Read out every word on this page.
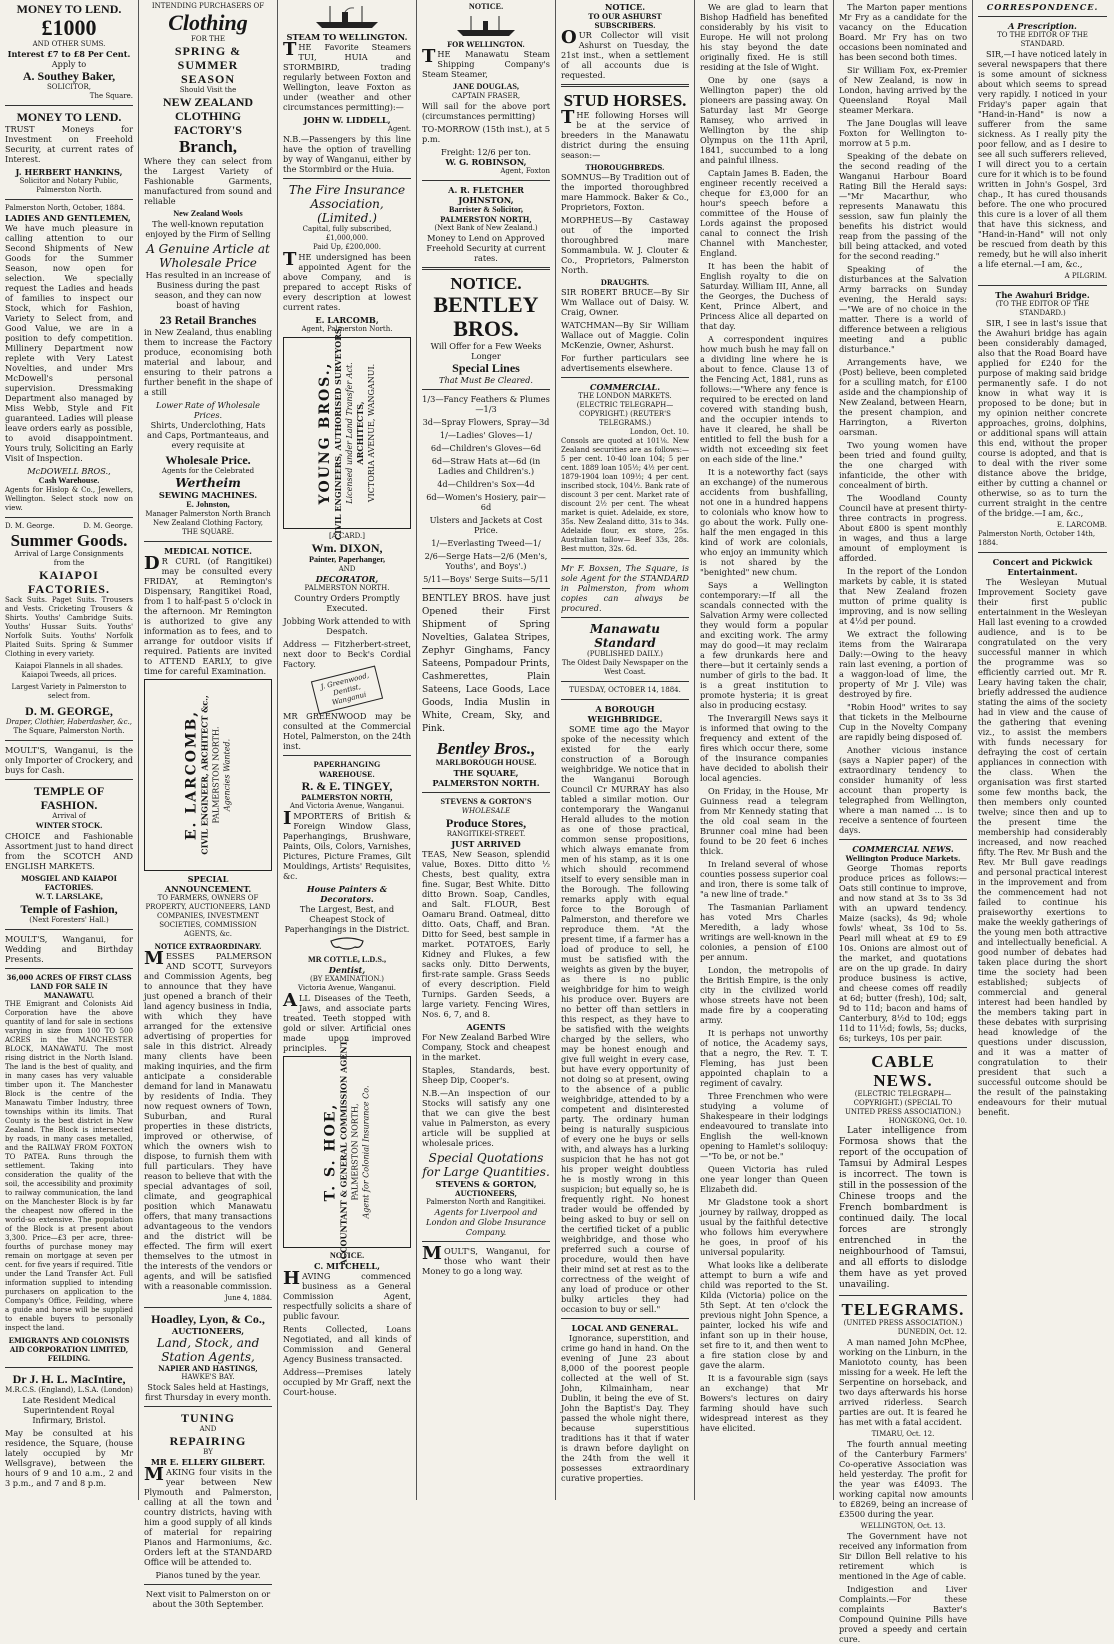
MONEY TO LEND.
£1000
AND OTHER SUMS.
Interest £7 to £8 Per Cent.
Apply to
A. Southey Baker,
SOLICITOR,
The Square.
MONEY TO LEND.

TRUST Moneys for Investment on Freehold Security, at current rates of Interest.

J. HERBERT HANKINS,
Solicitor and Notary Public, Palmerston North.
Palmerston North, October, 1884.
LADIES AND GENTLEMEN,

We have much pleasure in calling attention to our Second Shipments of New Goods for the Summer Season, now open for selection. We specially request the Ladies and heads of families to inspect our Stock, which for Fashion, Variety to Select from, and Good Value, we are in a position to defy competition. Millinery Department now replete with Very Latest Novelties, and under Mrs McDowell's personal supervision. Dressmaking Department also managed by Miss Webb, Style and Fit guaranteed. Ladies will please leave orders early as possible, to avoid disappointment. Yours truly, Soliciting an Early Visit of Inspection.

McDOWELL BROS.,
Cash Warehouse.

Agents for Hislop & Co., Jewellers, Wellington. Select stock now on view.

D. M. George.	D. M. George.
Summer Goods.
Arrival of Large Consignments from the
KAIAPOI FACTORIES.

Sack Suits. Paget Suits. Trousers and Vests. Cricketing Trousers & Shirts. Youths' Cambridge Suits. Youths' Hussar Suits. Youths' Norfolk Suits. Youths' Norfolk Plaited Suits. Spring & Summer Clothing in every variety.

Kaiapoi Flannels in all shades. Kaiapoi Tweeds, all prices.

Largest Variety in Palmerston to select from.

D. M. GEORGE,
Draper, Clothier, Haberdasher, &c.,
The Square, Palmerston North.

MOULT'S, Wanganui, is the only Importer of Crockery, and buys for Cash.

TEMPLE OF FASHION.
Arrival of
WINTER STOCK.

CHOICE and Fashionable Assortment just to hand direct from the SCOTCH AND ENGLISH MARKETS.

MOSGIEL AND KAIAPOI FACTORIES.
W. T. LARSLAKE,
Temple of Fashion,
(Next Foresters' Hall.)

MOULT'S, Wanganui, for Wedding and Birthday Presents.

36,000 ACRES OF FIRST CLASS LAND FOR SALE IN MANAWATU.

THE Emigrant and Colonists Aid Corporation have the above quantity of land for sale in sections varying in size from 100 TO 500 ACRES in the MANCHESTER BLOCK, MANAWATU. The most rising district in the North Island. The land is the best of quality, and in many cases has very valuable timber upon it. The Manchester Block is the centre of the Manawatu Timber Industry, three townships within its limits. That County is the best district in New Zealand. The Block is intersected by roads, in many cases metalled, and the RAILWAY FROM FOXTON TO PATEA. Runs through the settlement. Taking into consideration the quality of the soil, the accessibility and proximity to railway communication, the land on the Manchester Block is by far the cheapest now offered in the world-so extensive. The population of the Block is at present about 3,300. Price—£3 per acre, three-fourths of purchase money may remain on mortgage at seven per cent. for five years if required. Title under the Land Transfer Act. Full information supplied to intending purchasers on application to the Company's Office, Feilding, where a guide and horse will be supplied to enable buyers to personally inspect the land.

EMIGRANTS AND COLONISTS AID CORPORATION LIMITED, FEILDING.
Dr J. H. L. MacIntire,
M.R.C.S. (England), L.S.A. (London)

Late Resident Medical Superintendent Royal Infirmary, Bristol.

May be consulted at his residence, the Square, (house lately occupied by Mr Wellsgrave), between the hours of 9 and 10 a.m., 2 and 3 p.m., and 7 and 8 p.m.

INTENDING PURCHASERS OF
Clothing
FOR THE
SPRING & SUMMER
SEASON
Should Visit the
NEW ZEALAND
CLOTHING FACTORY'S
Branch,

Where they can select from the Largest Variety of Fashionable Garments, manufactured from sound and reliable

New Zealand Wools

The well-known reputation enjoyed by the Firm of Selling

A Genuine Article at Wholesale Price

Has resulted in an increase of Business during the past season, and they can now boast of having

23 Retail Branches

in New Zealand, thus enabling them to increase the Factory produce, economising both material and labour, and ensuring to their patrons a further benefit in the shape of a still

Lower Rate of Wholesale Prices.

Shirts, Underclothing, Hats and Caps, Portmanteaus, and every requisite at

Wholesale Price.
Agents for the Celebrated
Wertheim
SEWING MACHINES.
E. Johnston,

Manager Palmerston North Branch New Zealand Clothing Factory, THE SQUARE.

MEDICAL NOTICE.

DR CURL (of Rangitikei) may be consulted every FRIDAY, at Remington's Dispensary, Rangitikei Road, from 1 to half-past 5 o'clock in the afternoon. Mr Remington is authorized to give any information as to fees, and to arrange for outdoor visits if required. Patients are invited to ATTEND EARLY, to give time for careful Examination.

E. LARCOMB, CIVIL ENGINEER, ARCHITECT &c., PALMERSTON NORTH. Agencies Wanted.
SPECIAL ANNOUNCEMENT.

TO FARMERS, OWNERS OF PROPERTY, AUCTIONEERS, LAND COMPANIES, INVESTMENT SOCIETIES, COMMISSION AGENTS, &c.

NOTICE EXTRAORDINARY.

MESSES PALMERSON AND SCOTT, Surveyors and Commission Agents, beg to announce that they have just opened a branch of their land agency business in India, with which they have arranged for the extensive advertising of properties for sale in this district. Already many clients have been making inquiries, and the firm anticipate a considerable demand for land in Manawatu by residents of India. They now request owners of Town, Suburban, and Rural properties in these districts, improved or otherwise, of which the owners wish to dispose, to furnish them with full particulars. They have reason to believe that with the special advantages of soil, climate, and geographical position which Manawatu offers, that many transactions advantageous to the vendors and the district will be effected. The firm will exert themselves to the utmost in the interests of the vendors or agents, and will be satisfied with a reasonable commission.

June 4, 1884.
Hoadley, Lyon, & Co.,
AUCTIONEERS,
Land, Stock, and Station Agents,
NAPIER AND HASTINGS,
HAWKE'S BAY.

Stock Sales held at Hastings, first Thursday in every month.

TUNING
AND
REPAIRING
BY
MR E. ELLERY GILBERT.

MAKING four visits in the year between New Plymouth and Palmerston, calling at all the town and country districts, having with him a good supply of all kinds of material for repairing Pianos and Harmoniums, &c. Orders left at the STANDARD Office will be attended to.

Pianos tuned by the year.

Next visit to Palmerston on or about the 30th September.

STEAM TO WELLINGTON.

THE Favorite Steamers TUI, HUIA and STORMBIRD, trading regularly between Foxton and Wellington, leave Foxton as under (weather and other circumstances permitting):—

JOHN W. LIDDELL,
Agent.

N.B.—Passengers by this line have the option of travelling by way of Wanganui, either by the Stormbird or the Huia.

The Fire Insurance Association, (Limited.)
Capital, fully subscribed, £1,000,000.
Paid Up, £200,000.

THE undersigned has been appointed Agent for the above Company, and is prepared to accept Risks of every description at lowest current rates.

E. LARCOMB,
Agent, Palmerston North.
YOUNG BROS., CIVIL ENGINEERS, AUTHORISED SURVEYORS, Licensed under Land Transfer Act. ARCHITECTS, VICTORIA AVENUE, WANGANUI.
[A CARD.]
Wm. DIXON,
Painter, Paperhanger,
AND
DECORATOR,
PALMERSTON NORTH.

Country Orders Promptly Executed.

Jobbing Work attended to with Despatch.

Address — Fitzherbert-street, next door to Beck's Cordial Factory.

J. Greenwood, Dentist, Wanganui

MR GREENWOOD may be consulted at the Commercial Hotel, Palmerston, on the 24th inst.

PAPERHANGING
WAREHOUSE.
R. & E. TINGEY,
PALMERSTON NORTH,
And Victoria Avenue, Wanganui.

IMPORTERS of British & Foreign Window Glass, Paperhangings, Brushware, Paints, Oils, Colors, Varnishes, Pictures, Picture Frames, Gilt Mouldings, Artists' Requisites, &c.

House Painters & Decorators.

The Largest, Best, and Cheapest Stock of Paperhangings in the District.

MR COTTLE, L.D.S.,
Dentist,
(BY EXAMINATION.)
Victoria Avenue, Wanganui.

ALL Diseases of the Teeth, Jaws, and associate parts treated. Teeth stopped with gold or silver. Artificial ones made upon improved principles.

T. S. HOE, ACCOUNTANT & GENERAL COMMISSION AGENT, PALMERSTON NORTH, Agent for Colonial Insurance Co.
NOTICE.
C. MITCHELL,

HAVING commenced business as a General Commission Agent, respectfully solicits a share of public favour.

Rents Collected, Loans Negotiated, and all kinds of Commission and General Agency Business transacted.

Address—Premises lately occupied by Mr Graff, next the Court-house.

NOTICE.
FOR WELLINGTON.

THE Manawatu Steam Shipping Company's Steam Steamer,

JANE DOUGLAS,
CAPTAIN FRASER,

Will sail for the above port (circumstances permitting)

TO-MORROW (15th inst.), at 5 p.m.

Freight: 12/6 per ton.
W. G. ROBINSON,
Agent, Foxton
A. R. FLETCHER JOHNSTON,
Barrister & Solicitor,
PALMERSTON NORTH,
(Next Bank of New Zealand.)

Money to Lend on Approved Freehold Security at current rates.

NOTICE.
BENTLEY BROS.
Will Offer for a Few Weeks Longer
Special Lines
That Must Be Cleared.

1/3—Fancy Feathers & Plumes—1/3

3d—Spray Flowers, Spray—3d

1/—Ladies' Gloves—1/

6d—Children's Gloves—6d

6d—Straw Hats at—6d (in Ladies and Children's.)

4d—Children's Sox—4d

6d—Women's Hosiery, pair—6d

Ulsters and Jackets at Cost Price.

1/—Everlasting Tweed—1/

2/6—Serge Hats—2/6 (Men's, Youths', and Boys'.)

5/11—Boys' Serge Suits—5/11

BENTLEY BROS. have just Opened their First Shipment of Spring Novelties, Galatea Stripes, Zephyr Ginghams, Fancy Sateens, Pompadour Prints, Cashmerettes, Plain Sateens, Lace Goods, Lace Goods, India Muslin in White, Cream, Sky, and Pink.

Bentley Bros.,
MARLBOROUGH HOUSE.
THE SQUARE,
PALMERSTON NORTH.
STEVENS & GORTON'S
WHOLESALE
Produce Stores,
RANGITIKEI-STREET.
JUST ARRIVED

TEAS, New Season, splendid value, Boxes. Ditto ditto ½ Chests, best quality, extra fine. Sugar, Best White. Ditto ditto Brown. Soap, Candles, and Salt. FLOUR, Best Oamaru Brand. Oatmeal, ditto ditto. Oats, Chaff, and Bran. Ditto for Seed, best sample in market. POTATOES, Early Kidney and Flukes, a few sacks only. Ditto Derwents, first-rate sample. Grass Seeds of every description. Field Turnips. Garden Seeds, a large variety. Fencing Wires, Nos. 6, 7, and 8.

AGENTS

For New Zealand Barbed Wire Company, Stock and cheapest in the market.

Staples, Standards, best. Sheep Dip, Cooper's.

N.B.—An inspection of our Stocks will satisfy any one that we can give the best value in Palmerston, as every article will be supplied at wholesale prices.

Special Quotations for Large Quantities.
STEVENS & GORTON,
AUCTIONEERS,
Palmerston North and Rangitikei.

Agents for Liverpool and London and Globe Insurance Company.

MOULT'S, Wanganui, for those who want their Money to go a long way.

NOTICE.
TO OUR ASHURST SUBSCRIBERS.

OUR Collector will visit Ashurst on Tuesday, the 21st inst., when a settlement of all accounts due is requested.

STUD HORSES.

THE following Horses will be at the service of breeders in the Manawatu district during the ensuing season:—

THOROUGHBREDS.

SOMNUS—By Tradition out of the imported thoroughbred mare Hammock. Baker & Co., Proprietors, Foxton.

MORPHEUS—By Castaway out of the imported thoroughbred mare Sommambula. W. J. Clouter & Co., Proprietors, Palmerston North.

DRAUGHTS.

SIR ROBERT BRUCE—By Sir Wm Wallace out of Daisy. W. Craig, Owner.

WATCHMAN—By Sir William Wallace out of Maggie. Colin McKenzie, Owner, Ashurst.

For further particulars see advertisements elsewhere.

COMMERCIAL.
THE LONDON MARKETS.
(ELECTRIC TELEGRAPH—COPYRIGHT.) (REUTER'S TELEGRAMS.)
London, Oct. 10.

Consols are quoted at 101⅛. New Zealand securities are as follows:— 5 per cent. 10-40 loan 104; 5 per cent. 1889 loan 105½; 4½ per cent. 1879-1904 loan 109½; 4 per cent. inscribed stock, 104½. Bank rate of discount 3 per cent. Market rate of discount 2½ per cent. The wheat market is quiet. Adelaide, ex store, 35s. New Zealand ditto, 31s to 34s. Adelaide flour, ex store, 25s. Australian tallow— Beef 33s, 28s. Best mutton, 32s. 6d.

Mr F. Boxsen, The Square, is sole Agent for the STANDARD in Palmerston, from whom copies can always be procured.

Manawatu Standard
(PUBLISHED DAILY.)
The Oldest Daily Newspaper on the West Coast.
TUESDAY, OCTOBER 14, 1884.
A BOROUGH WEIGHBRIDGE.

SOME time ago the Mayor spoke of the necessity which existed for the early construction of a Borough weighbridge. We notice that in the Wanganui Borough Council Cr MURRAY has also tabled a similar motion. Our contemporary the Wanganui Herald alludes to the motion as one of those practical, common sense propositions, which always emanate from men of his stamp, as it is one which should recommend itself to every sensible man in the Borough. The following remarks apply with equal force to the Borough of Palmerston, and therefore we reproduce them. "At the present time, if a farmer has a load of produce to sell, he must be satisfied with the weights as given by the buyer, as there is no public weighbridge for him to weigh his produce over. Buyers are no better off than settlers in this respect, as they have to be satisfied with the weights charged by the sellers, who may be honest enough and give full weight in every case, but have every opportunity of not doing so at present, owing to the absence of a public weighbridge, attended to by a competent and disinterested party. The ordinary human being is naturally suspicious of every one he buys or sells with, and always has a lurking suspicion that he has not got his proper weight doubtless he is mostly wrong in this suspicion; but equally so, he is frequently right. No honest trader would be offended by being asked to buy or sell on the certified ticket of a public weighbridge, and those who preferred such a course of procedure, would then have their mind set at rest as to the correctness of the weight of any load of produce or other bulky articles they had occasion to buy or sell."

LOCAL AND GENERAL.

Ignorance, superstition, and crime go hand in hand. On the evening of June 23 about 8,000 of the poorest people collected at the well of St. John, Kilmainham, near Dublin, it being the eve of St. John the Baptist's Day. They passed the whole night there, because superstitious traditions has it that if water is drawn before daylight on the 24th from the well it possesses extraordinary curative properties.

We are glad to learn that Bishop Hadfield has benefited considerably by his visit to Europe. He will not prolong his stay beyond the date originally fixed. He is still residing at the Isle of Wight.

One by one (says a Wellington paper) the old pioneers are passing away. On Saturday last Mr George Ramsey, who arrived in Wellington by the ship Olympus on the 11th April, 1841, succumbed to a long and painful illness.

Captain James B. Eaden, the engineer recently received a cheque for £3,000 for an hour's speech before a committee of the House of Lords against the proposed canal to connect the Irish Channel with Manchester, England.

It has been the habit of English royalty to die on Saturday. William III, Anne, all the Georges, the Duchess of Kent, Prince Albert, and Princess Alice all departed on that day.

A correspondent inquires how much bush he may fall on a dividing line where he is about to fence. Clause 13 of the Fencing Act, 1881, runs as follows:—"Where any fence is required to be erected on land covered with standing bush, and the occupier intends to have it cleared, he shall be entitled to fell the bush for a width not exceeding six feet on each side of the line."

It is a noteworthy fact (says an exchange) of the numerous accidents from bushfalling, not one in a hundred happens to colonials who know how to go about the work. Fully one-half the men engaged in this kind of work are colonials, who enjoy an immunity which is not shared by the "benighted" new chum.

Says a Wellington contemporary:—If all the scandals connected with the Salvation Army were collected they would form a popular and exciting work. The army may do good—it may reclaim a few drunkards here and there—but it certainly sends a number of girls to the bad. It is a great institution to promote hysteria; it is great also in producing ecstasy.

The Inverargill News says it is informed that owing to the frequency and extent of the fires which occur there, some of the insurance companies have decided to abolish their local agencies.

On Friday, in the House, Mr Guinness read a telegram from Mr Kennedy stating that the old coal seam in the Brunner coal mine had been found to be 20 feet 6 inches thick.

In Ireland several of whose counties possess superior coal and iron, there is some talk of "a new line of trade."

The Tasmanian Parliament has voted Mrs Charles Meredith, a lady whose writings are well-known in the colonies, a pension of £100 per annum.

London, the metropolis of the British Empire, is the only city in the civilized world whose streets have not been made fire by a cooperating army.

It is perhaps not unworthy of notice, the Academy says, that a negro, the Rev. T. T. Fleming, has just been appointed chaplain to a regiment of cavalry.

Three Frenchmen who were studying a volume of Shakespeare in their lodgings endeavoured to translate into English the well-known opening to Hamlet's soliloquy:—"To be, or not be."

Queen Victoria has ruled one year longer than Queen Elizabeth did.

Mr Gladstone took a short journey by railway, dropped as usual by the faithful detective who follows him everywhere he goes, in proof of his universal popularity.

What looks like a deliberate attempt to burn a wife and child was reported to the St. Kilda (Victoria) police on the 5th Sept. At ten o'clock the previous night John Spence, a painter, locked his wife and infant son up in their house, set fire to it, and then went to a fire station close by and gave the alarm.

It is a favourable sign (says an exchange) that Mr Bowers's lectures on dairy farming should have such widespread interest as they have elicited.

The Marton paper mentions Mr Fry as a candidate for the vacancy on the Education Board. Mr Fry has on two occasions been nominated and has been second both times.

Sir William Fox, ex-Premier of New Zealand, is now in London, having arrived by the Queensland Royal Mail steamer Merkara.

The Jane Douglas will leave Foxton for Wellington to-morrow at 5 p.m.

Speaking of the debate on the second reading of the Wanganui Harbour Board Rating Bill the Herald says:—"Mr Macarthur, who represents Manawatu this session, saw fun plainly the benefits his district would reap from the passing of the bill being attacked, and voted for the second reading."

Speaking of the disturbances at the Salvation Army barracks on Sunday evening, the Herald says:—"We are of no choice in the matter. There is a world of difference between a religious meeting and a public disturbance."

Arrangements have, we (Post) believe, been completed for a sculling match, for £100 aside and the championship of New Zealand, between Hearn, the present champion, and Harrington, a Riverton oarsman.

Two young women have been tried and found guilty, the one charged with infanticide, the other with concealment of birth.

The Woodland County Council have at present thirty-three contracts in progress. About £800 is spent monthly in wages, and thus a large amount of employment is afforded.

In the report of the London markets by cable, it is stated that New Zealand frozen mutton of prime quality is improving, and is now selling at 4½d per pound.

We extract the following items from the Wairarapa Daily:—Owing to the heavy rain last evening, a portion of a waggon-load of lime, the property of Mr J. Vile) was destroyed by fire.

"Robin Hood" writes to say that tickets in the Melbourne Cup in the Novelty Company are rapidly being disposed of.

Another vicious instance (says a Napier paper) of the extraordinary tendency to consider humanity of less account than property is telegraphed from Wellington, where a man named ... is to receive a sentence of fourteen days.

COMMERCIAL NEWS.
Wellington Produce Markets.

George Thomas reports produce prices as follows:—Oats still continue to improve, and now stand at 3s to 3s 3d with an upward tendency. Maize (sacks), 4s 9d; whole fowls' wheat, 3s 10d to 5s. Pearl mill wheat at £9 to £9 10s. Onions are almost out of the market, and quotations are on the up grade. In dairy produce business is active, and cheese comes off readily at 6d; butter (fresh), 10d; salt, 9d to 11d; bacon and hams of Canterbury, 8½d to 10d; eggs 11d to 11½d; fowls, 5s; ducks, 6s; turkeys, 10s per pair.

CABLE NEWS.
(ELECTRIC TELEGRAPH—COPYRIGHT.) (SPECIAL TO UNITED PRESS ASSOCIATION.)
HONGKONG, Oct. 10.

Later intelligence from Formosa shows that the report of the occupation of Tamsui by Admiral Lespes is incorrect. The town is still in the possession of the Chinese troops and the French bombardment is continued daily. The local forces are strongly entrenched in the neighbourhood of Tamsui, and all efforts to dislodge them have as yet proved unavailing.

TELEGRAMS.
(UNITED PRESS ASSOCIATION.)
DUNEDIN, Oct. 12.

A man named John McPhee, working on the Linburn, in the Maniototo county, has been missing for a week. He left the Serpentine on horseback, and two days afterwards his horse arrived riderless. Search parties are out. It is feared he has met with a fatal accident.

TIMARU, Oct. 12.

The fourth annual meeting of the Canterbury Farmers' Co-operative Association was held yesterday. The profit for the year was £4093. The working capital now amounts to £8269, being an increase of £3500 during the year.

WELLINGTON, Oct. 13.

The Government have not received any information from Sir Dillon Bell relative to his retirement which is mentioned in the Age of cable.

Indigestion and Liver Complaints.—For these complaints Baxter's Compound Quinine Pills have proved a speedy and certain cure.

CORRESPONDENCE.
A Prescription.
TO THE EDITOR OF THE STANDARD.

SIR,—I have noticed lately in several newspapers that there is some amount of sickness about which seems to spread very rapidly. I noticed in your Friday's paper again that "Hand-in-Hand" is now a sufferer from the same sickness. As I really pity the poor fellow, and as I desire to see all such sufferers relieved, I will direct you to a certain cure for it which is to be found written in John's Gospel, 3rd chap., It has cured thousands before. The one who procured this cure is a lover of all them that have this sickness, and "Hand-in-Hand" will not only be rescued from death by this remedy, but he will also inherit a life eternal.—I am, &c.,

A PILGRIM.
The Awahuri Bridge.
(TO THE EDITOR OF THE STANDARD.)

SIR, I see in last's issue that the Awahuri bridge has again been considerably damaged, also that the Road Board have applied for £240 for the purpose of making said bridge permanently safe. I do not know in what way it is proposed to be done; but in my opinion neither concrete approaches, groins, dolphins, or additional spans will attain this end, without the proper course is adopted, and that is to deal with the river some distance above the bridge, either by cutting a channel or otherwise, so as to turn the current straight in the centre of the bridge.—I am, &c.,

E. LARCOMB.
Palmerston North, October 14th, 1884.
Concert and Pickwick Entertainment.

The Wesleyan Mutual Improvement Society gave their first public entertainment in the Wesleyan Hall last evening to a crowded audience, and is to be congratulated on the very successful manner in which the programme was so efficiently carried out. Mr R. Leary having taken the chair, briefly addressed the audience stating the aims of the society had in view and the cause of the gathering that evening viz., to assist the members with funds necessary for defraying the cost of certain appliances in connection with the class. When the organisation was first started some few months back, the then members only counted twelve; since then and up to the present time the membership had considerably increased, and now reached fifty. The Rev. Mr Bush and the Rev. Mr Bull gave readings and personal practical interest in the improvement and from the commencement had not failed to continue his praiseworthy exertions to make the weekly gatherings of the young men both attractive and intellectually beneficial. A good number of debates had taken place during the short time the society had been established; subjects of commercial and general interest had been handled by the members taking part in these debates with surprising head knowledge of the questions under discussion, and it was a matter of congratulation to their president that such a successful outcome should be the result of the painstaking endeavours for their mutual benefit.
